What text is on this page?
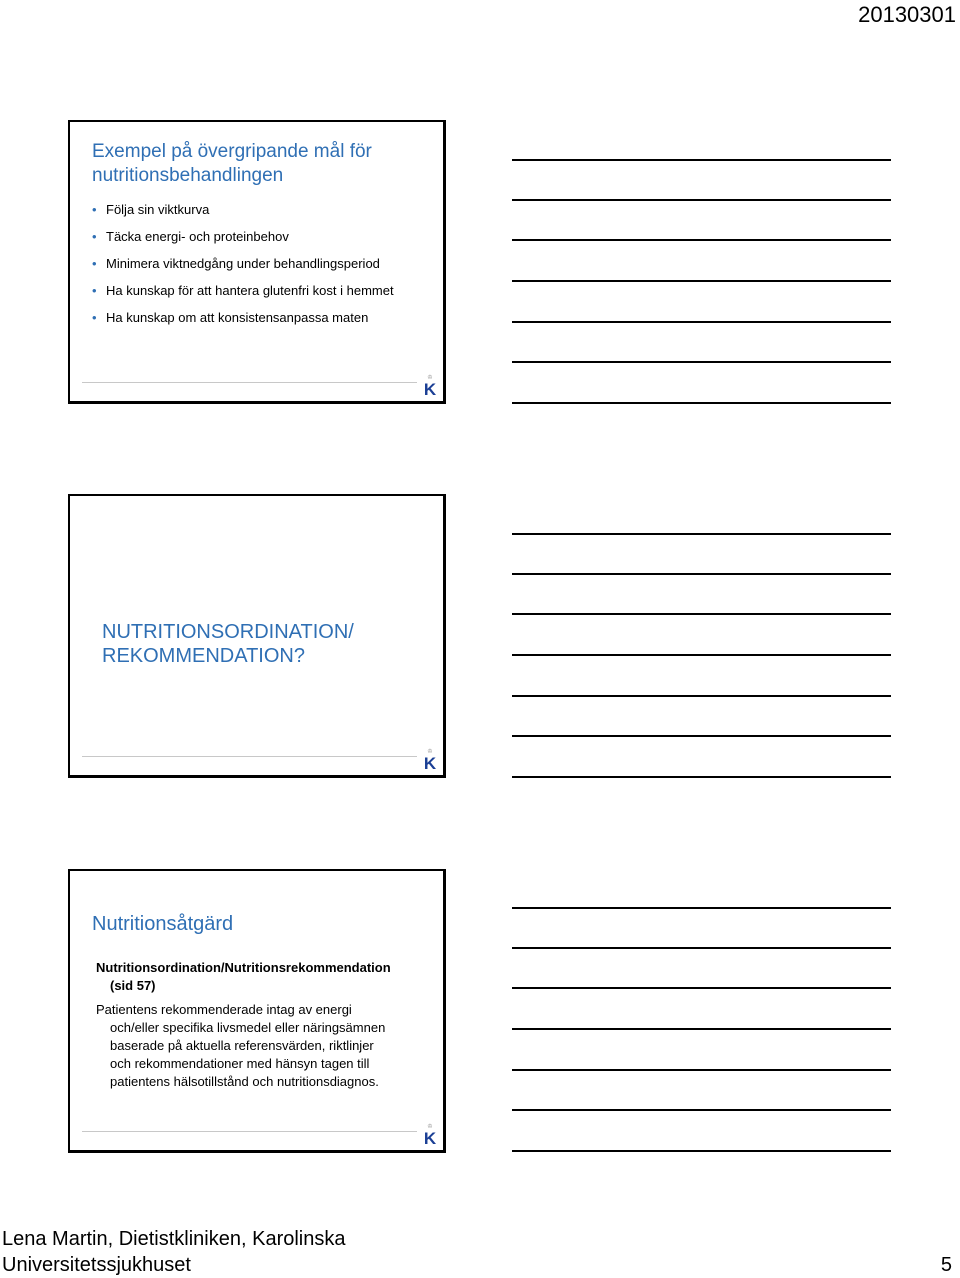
20130301
Exempel på övergripande mål för nutritionsbehandlingen
• Följa sin viktkurva
• Täcka energi- och proteinbehov
• Minimera viktnedgång under behandlingsperiod
• Ha kunskap för att hantera glutenfri kost i hemmet
• Ha kunskap om att konsistensanpassa maten
♔
K
NUTRITIONSORDINATION/
REKOMMENDATION?
♔
K
Nutritionsåtgärd
Nutritionsordination/Nutritionsrekommendation
(sid 57)
Patientens rekommenderade intag av energi
och/eller specifika livsmedel eller näringsämnen
baserade på aktuella referensvärden, riktlinjer
och rekommendationer med hänsyn tagen till
patientens hälsotillstånd och nutritionsdiagnos.
♔
K
Lena Martin, Dietistkliniken, Karolinska
Universitetssjukhuset	5
